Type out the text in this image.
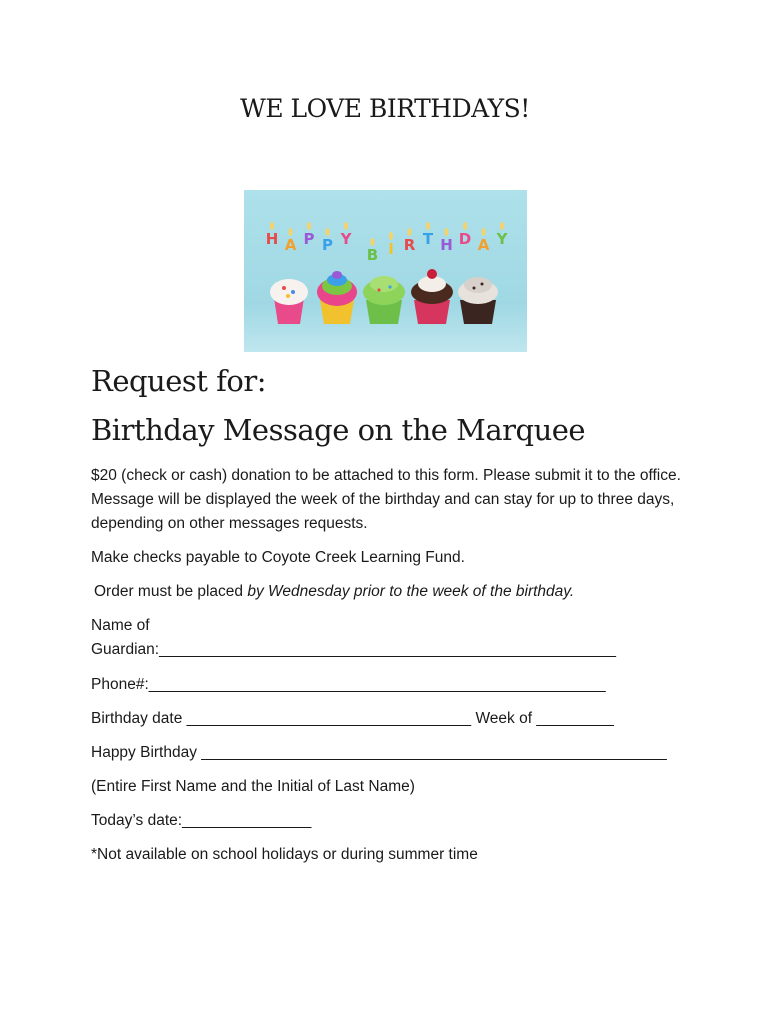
WE LOVE BIRTHDAYS!
H A P P Y
B I R T H D A Y
Request for:
Birthday Message on the Marquee
$20 (check or cash) donation to be attached to this form. Please submit it to the office. Message will be displayed the week of the birthday and can stay for up to three days, depending on other messages requests.
Make checks payable to Coyote Creek Learning Fund.
Order must be placed by Wednesday prior to the week of the birthday.
Name of
Guardian:_____________________________________________________
Phone#:_____________________________________________________
Birthday date _________________________________ Week of _________
Happy Birthday ______________________________________________________
(Entire First Name and the Initial of Last Name)
Today’s date:_______________
*Not available on school holidays or during summer time
